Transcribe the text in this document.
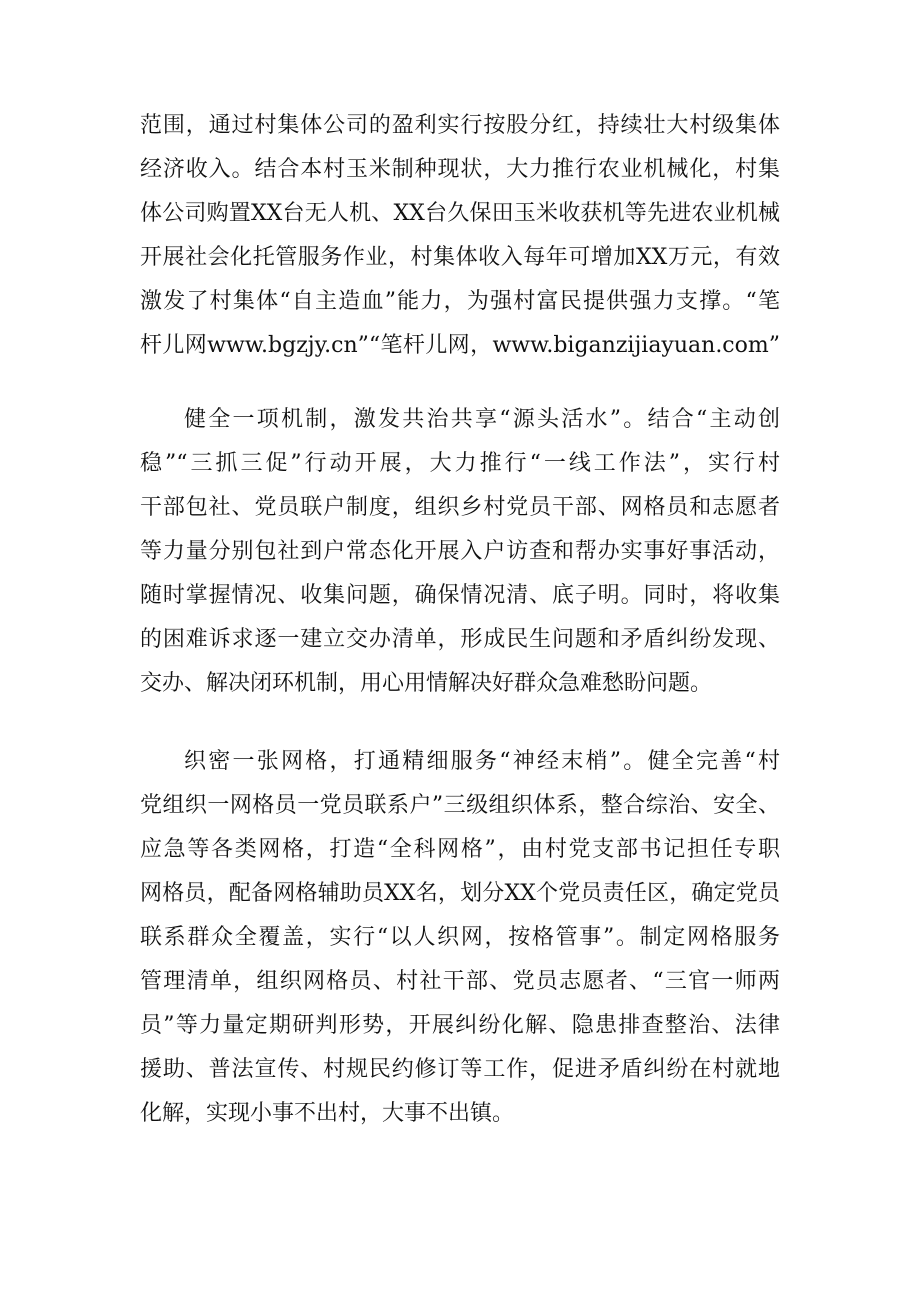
范围，通过村集体公司的盈利实行按股分红，持续壮大村级集体
经济收入。结合本村玉米制种现状，大力推行农业机械化，村集
体公司购置XX台无人机、XX台久保田玉米收获机等先进农业机械
开展社会化托管服务作业，村集体收入每年可增加XX万元，有效
激发了村集体“自主造血”能力，为强村富民提供强力支撑。“笔
杆儿网www.bgzjy.cn”“笔杆儿网，www.biganzijiayuan.com”
健全一项机制，激发共治共享“源头活水”。结合“主动创
稳”“三抓三促”行动开展，大力推行“一线工作法”，实行村
干部包社、党员联户制度，组织乡村党员干部、网格员和志愿者
等力量分别包社到户常态化开展入户访查和帮办实事好事活动，
随时掌握情况、收集问题，确保情况清、底子明。同时，将收集
的困难诉求逐一建立交办清单，形成民生问题和矛盾纠纷发现、
交办、解决闭环机制，用心用情解决好群众急难愁盼问题。
织密一张网格，打通精细服务“神经末梢”。健全完善“村
党组织一网格员一党员联系户”三级组织体系，整合综治、安全、
应急等各类网格，打造“全科网格”，由村党支部书记担任专职
网格员，配备网格辅助员XX名，划分XX个党员责任区，确定党员
联系群众全覆盖，实行“以人织网，按格管事”。制定网格服务
管理清单，组织网格员、村社干部、党员志愿者、“三官一师两
员”等力量定期研判形势，开展纠纷化解、隐患排查整治、法律
援助、普法宣传、村规民约修订等工作，促进矛盾纠纷在村就地
化解，实现小事不出村，大事不出镇。
